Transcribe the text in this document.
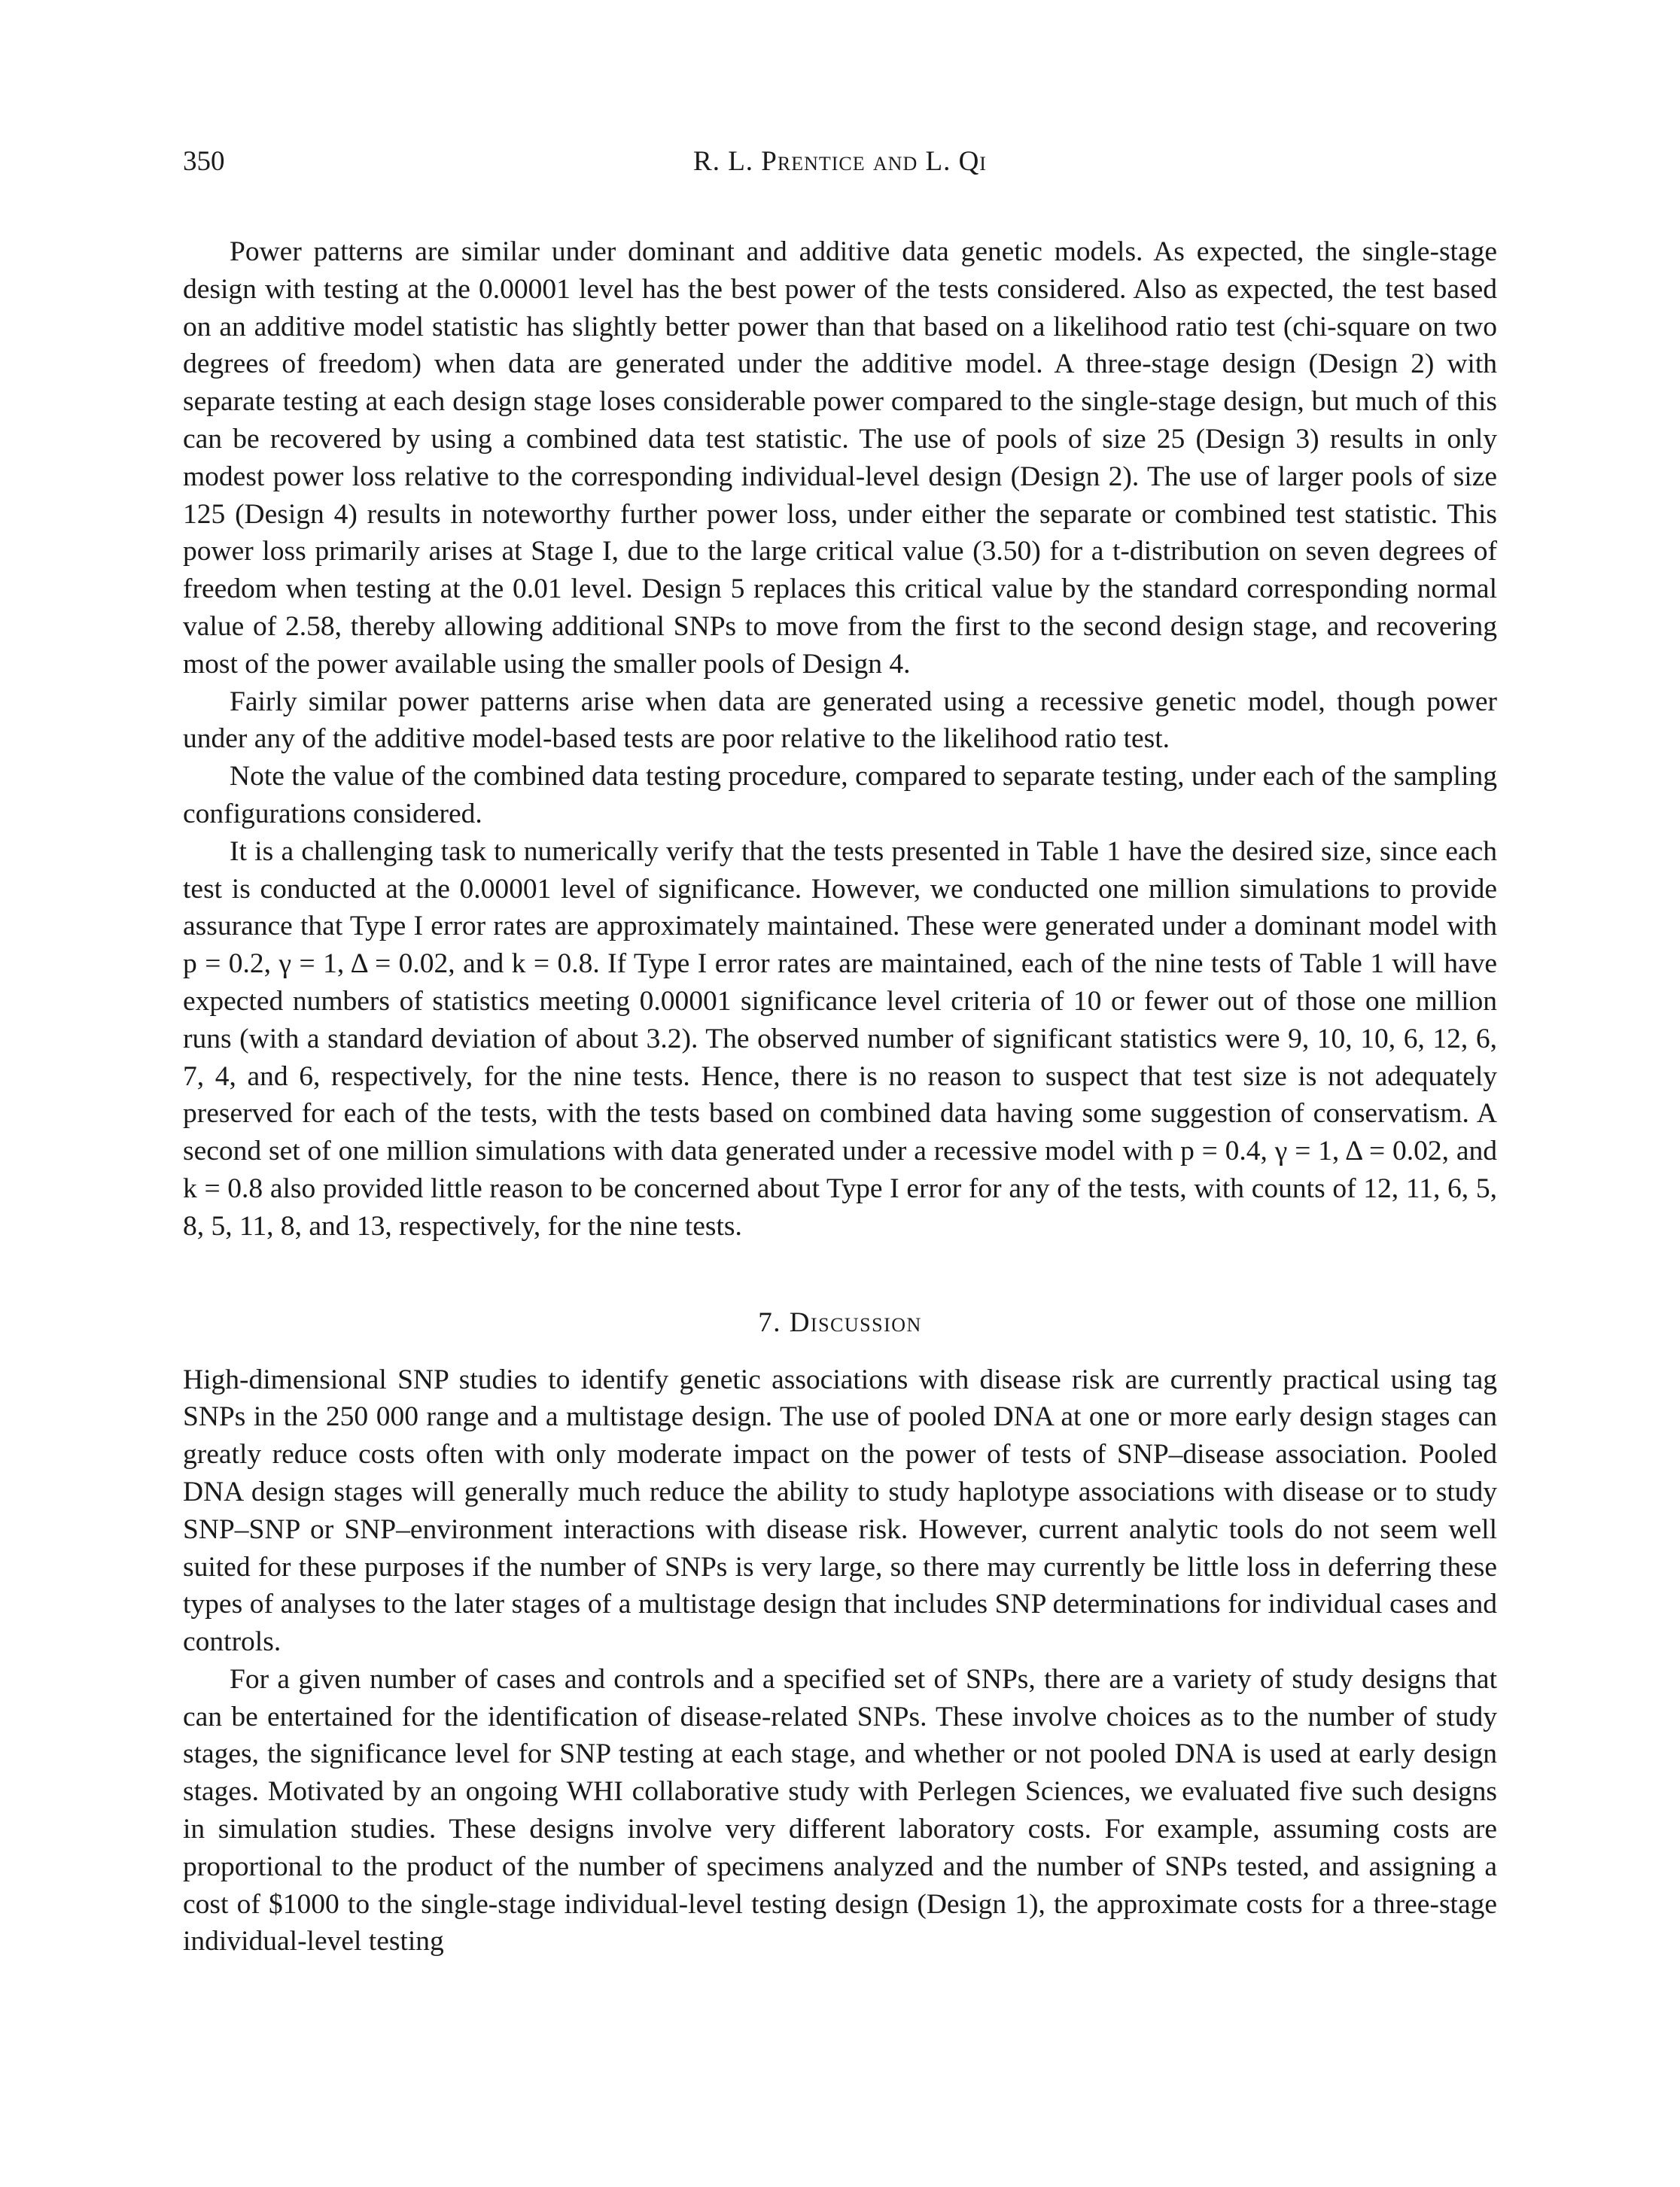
350	R. L. Prentice and L. Qi

Power patterns are similar under dominant and additive data genetic models. As expected, the single-stage design with testing at the 0.00001 level has the best power of the tests considered. Also as expected, the test based on an additive model statistic has slightly better power than that based on a likelihood ratio test (chi-square on two degrees of freedom) when data are generated under the additive model. A three-stage design (Design 2) with separate testing at each design stage loses considerable power compared to the single-stage design, but much of this can be recovered by using a combined data test statistic. The use of pools of size 25 (Design 3) results in only modest power loss relative to the corresponding individual-level design (Design 2). The use of larger pools of size 125 (Design 4) results in noteworthy further power loss, under either the separate or combined test statistic. This power loss primarily arises at Stage I, due to the large critical value (3.50) for a t-distribution on seven degrees of freedom when testing at the 0.01 level. Design 5 replaces this critical value by the standard corresponding normal value of 2.58, thereby allowing additional SNPs to move from the first to the second design stage, and recovering most of the power available using the smaller pools of Design 4.

Fairly similar power patterns arise when data are generated using a recessive genetic model, though power under any of the additive model-based tests are poor relative to the likelihood ratio test.

Note the value of the combined data testing procedure, compared to separate testing, under each of the sampling configurations considered.

It is a challenging task to numerically verify that the tests presented in Table 1 have the desired size, since each test is conducted at the 0.00001 level of significance. However, we conducted one million simulations to provide assurance that Type I error rates are approximately maintained. These were generated under a dominant model with p = 0.2, γ = 1, Δ = 0.02, and k = 0.8. If Type I error rates are maintained, each of the nine tests of Table 1 will have expected numbers of statistics meeting 0.00001 significance level criteria of 10 or fewer out of those one million runs (with a standard deviation of about 3.2). The observed number of significant statistics were 9, 10, 10, 6, 12, 6, 7, 4, and 6, respectively, for the nine tests. Hence, there is no reason to suspect that test size is not adequately preserved for each of the tests, with the tests based on combined data having some suggestion of conservatism. A second set of one million simulations with data generated under a recessive model with p = 0.4, γ = 1, Δ = 0.02, and k = 0.8 also provided little reason to be concerned about Type I error for any of the tests, with counts of 12, 11, 6, 5, 8, 5, 11, 8, and 13, respectively, for the nine tests.

7. Discussion

High-dimensional SNP studies to identify genetic associations with disease risk are currently practical using tag SNPs in the 250 000 range and a multistage design. The use of pooled DNA at one or more early design stages can greatly reduce costs often with only moderate impact on the power of tests of SNP–disease association. Pooled DNA design stages will generally much reduce the ability to study haplotype associations with disease or to study SNP–SNP or SNP–environment interactions with disease risk. However, current analytic tools do not seem well suited for these purposes if the number of SNPs is very large, so there may currently be little loss in deferring these types of analyses to the later stages of a multistage design that includes SNP determinations for individual cases and controls.

For a given number of cases and controls and a specified set of SNPs, there are a variety of study designs that can be entertained for the identification of disease-related SNPs. These involve choices as to the number of study stages, the significance level for SNP testing at each stage, and whether or not pooled DNA is used at early design stages. Motivated by an ongoing WHI collaborative study with Perlegen Sciences, we evaluated five such designs in simulation studies. These designs involve very different laboratory costs. For example, assuming costs are proportional to the product of the number of specimens analyzed and the number of SNPs tested, and assigning a cost of $1000 to the single-stage individual-level testing design (Design 1), the approximate costs for a three-stage individual-level testing
